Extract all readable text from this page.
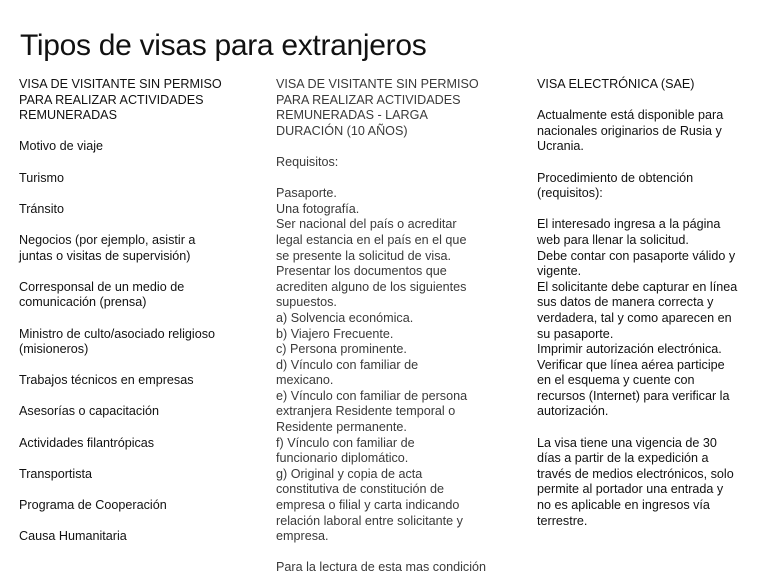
Tipos de visas para extranjeros
VISA DE VISITANTE SIN PERMISO
PARA REALIZAR ACTIVIDADES
REMUNERADAS
Motivo de viaje
Turismo
Tránsito
Negocios (por ejemplo, asistir a
juntas o visitas de supervisión)
Corresponsal de un medio de
comunicación (prensa)
Ministro de culto/asociado religioso
(misioneros)
Trabajos técnicos en empresas
Asesorías o capacitación
Actividades filantrópicas
Transportista
Programa de Cooperación
Causa Humanitaria
VISA DE VISITANTE SIN PERMISO
PARA REALIZAR ACTIVIDADES
REMUNERADAS - LARGA
DURACIÓN (10 AÑOS)
Requisitos:
Pasaporte.
Una fotografía.
Ser nacional del país o acreditar
legal estancia en el país en el que
se presente la solicitud de visa.
Presentar los documentos que
acrediten alguno de los siguientes
supuestos.
a) Solvencia económica.
b) Viajero Frecuente.
c) Persona prominente.
d) Vínculo con familiar de
mexicano.
e) Vínculo con familiar de persona
extranjera Residente temporal o
Residente permanente.
f) Vínculo con familiar de
funcionario diplomático.
g) Original y copia de acta
constitutiva de constitución de
empresa o filial y carta indicando
relación laboral entre solicitante y
empresa.
Para la lectura de esta mas condición
VISA ELECTRÓNICA (SAE)
Actualmente está disponible para
nacionales originarios de Rusia y
Ucrania.
Procedimiento de obtención
(requisitos):
El interesado ingresa a la página
web para llenar la solicitud.
Debe contar con pasaporte válido y
vigente.
El solicitante debe capturar en línea
sus datos de manera correcta y
verdadera, tal y como aparecen en
su pasaporte.
Imprimir autorización electrónica.
Verificar que línea aérea participe
en el esquema y cuente con
recursos (Internet) para verificar la
autorización.
La visa tiene una vigencia de 30
días a partir de la expedición a
través de medios electrónicos, solo
permite al portador una entrada y
no es aplicable en ingresos vía
terrestre.
